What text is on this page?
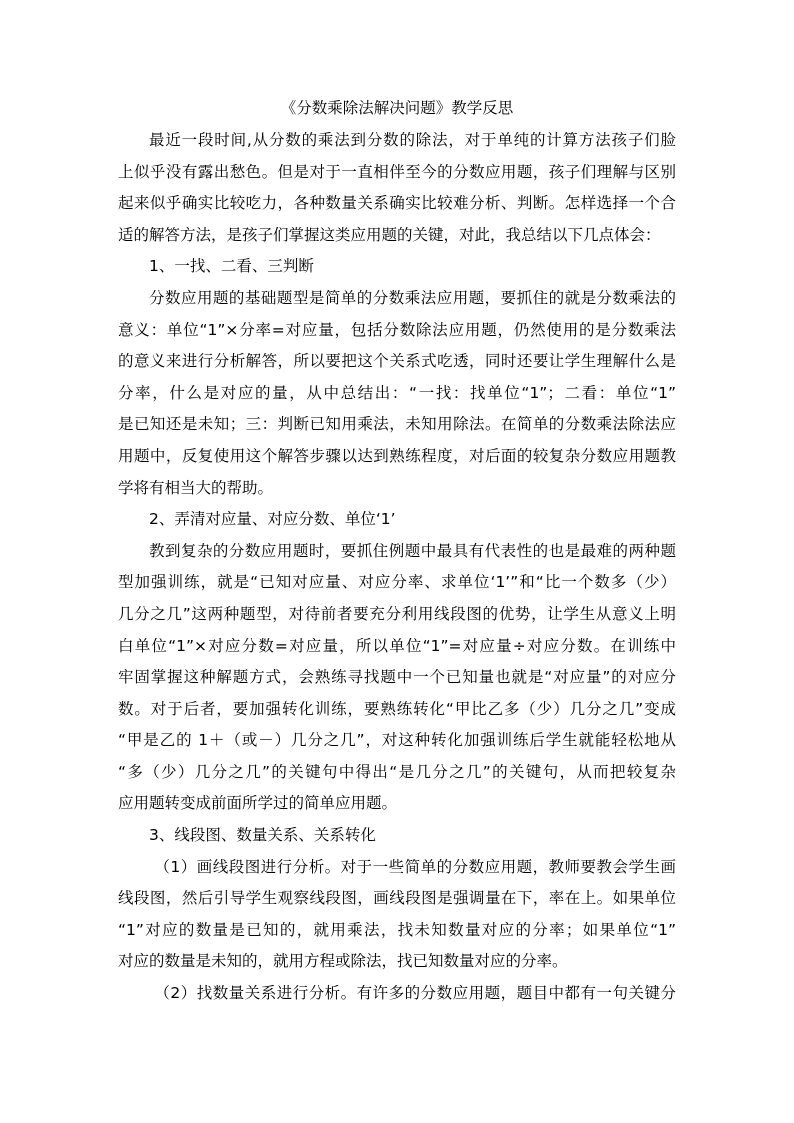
《分数乘除法解决问题》教学反思
最近一段时间,从分数的乘法到分数的除法，对于单纯的计算方法孩子们脸
上似乎没有露出愁色。但是对于一直相伴至今的分数应用题，孩子们理解与区别
起来似乎确实比较吃力，各种数量关系确实比较难分析、判断。怎样选择一个合
适的解答方法，是孩子们掌握这类应用题的关键，对此，我总结以下几点体会：
1、一找、二看、三判断
分数应用题的基础题型是简单的分数乘法应用题，要抓住的就是分数乘法的
意义：单位“1”×分率=对应量，包括分数除法应用题，仍然使用的是分数乘法
的意义来进行分析解答，所以要把这个关系式吃透，同时还要让学生理解什么是
分率，什么是对应的量，从中总结出：“一找：找单位“1”；二看：单位“1”
是已知还是未知；三：判断已知用乘法，未知用除法。在简单的分数乘法除法应
用题中，反复使用这个解答步骤以达到熟练程度，对后面的较复杂分数应用题教
学将有相当大的帮助。
2、弄清对应量、对应分数、单位‘1’
教到复杂的分数应用题时，要抓住例题中最具有代表性的也是最难的两种题
型加强训练，就是“已知对应量、对应分率、求单位‘1’”和“比一个数多（少）
几分之几”这两种题型，对待前者要充分利用线段图的优势，让学生从意义上明
白单位“1”×对应分数=对应量，所以单位“1”=对应量÷对应分数。在训练中
牢固掌握这种解题方式，会熟练寻找题中一个已知量也就是“对应量”的对应分
数。对于后者，要加强转化训练，要熟练转化“甲比乙多（少）几分之几”变成
“甲是乙的 1＋（或－）几分之几”，对这种转化加强训练后学生就能轻松地从
“多（少）几分之几”的关键句中得出“是几分之几”的关键句，从而把较复杂
应用题转变成前面所学过的简单应用题。
3、线段图、数量关系、关系转化
（1）画线段图进行分析。对于一些简单的分数应用题，教师要教会学生画
线段图，然后引导学生观察线段图，画线段图是强调量在下，率在上。如果单位
“1”对应的数量是已知的，就用乘法，找未知数量对应的分率；如果单位“1”
对应的数量是未知的，就用方程或除法，找已知数量对应的分率。
（2）找数量关系进行分析。有许多的分数应用题，题目中都有一句关键分
